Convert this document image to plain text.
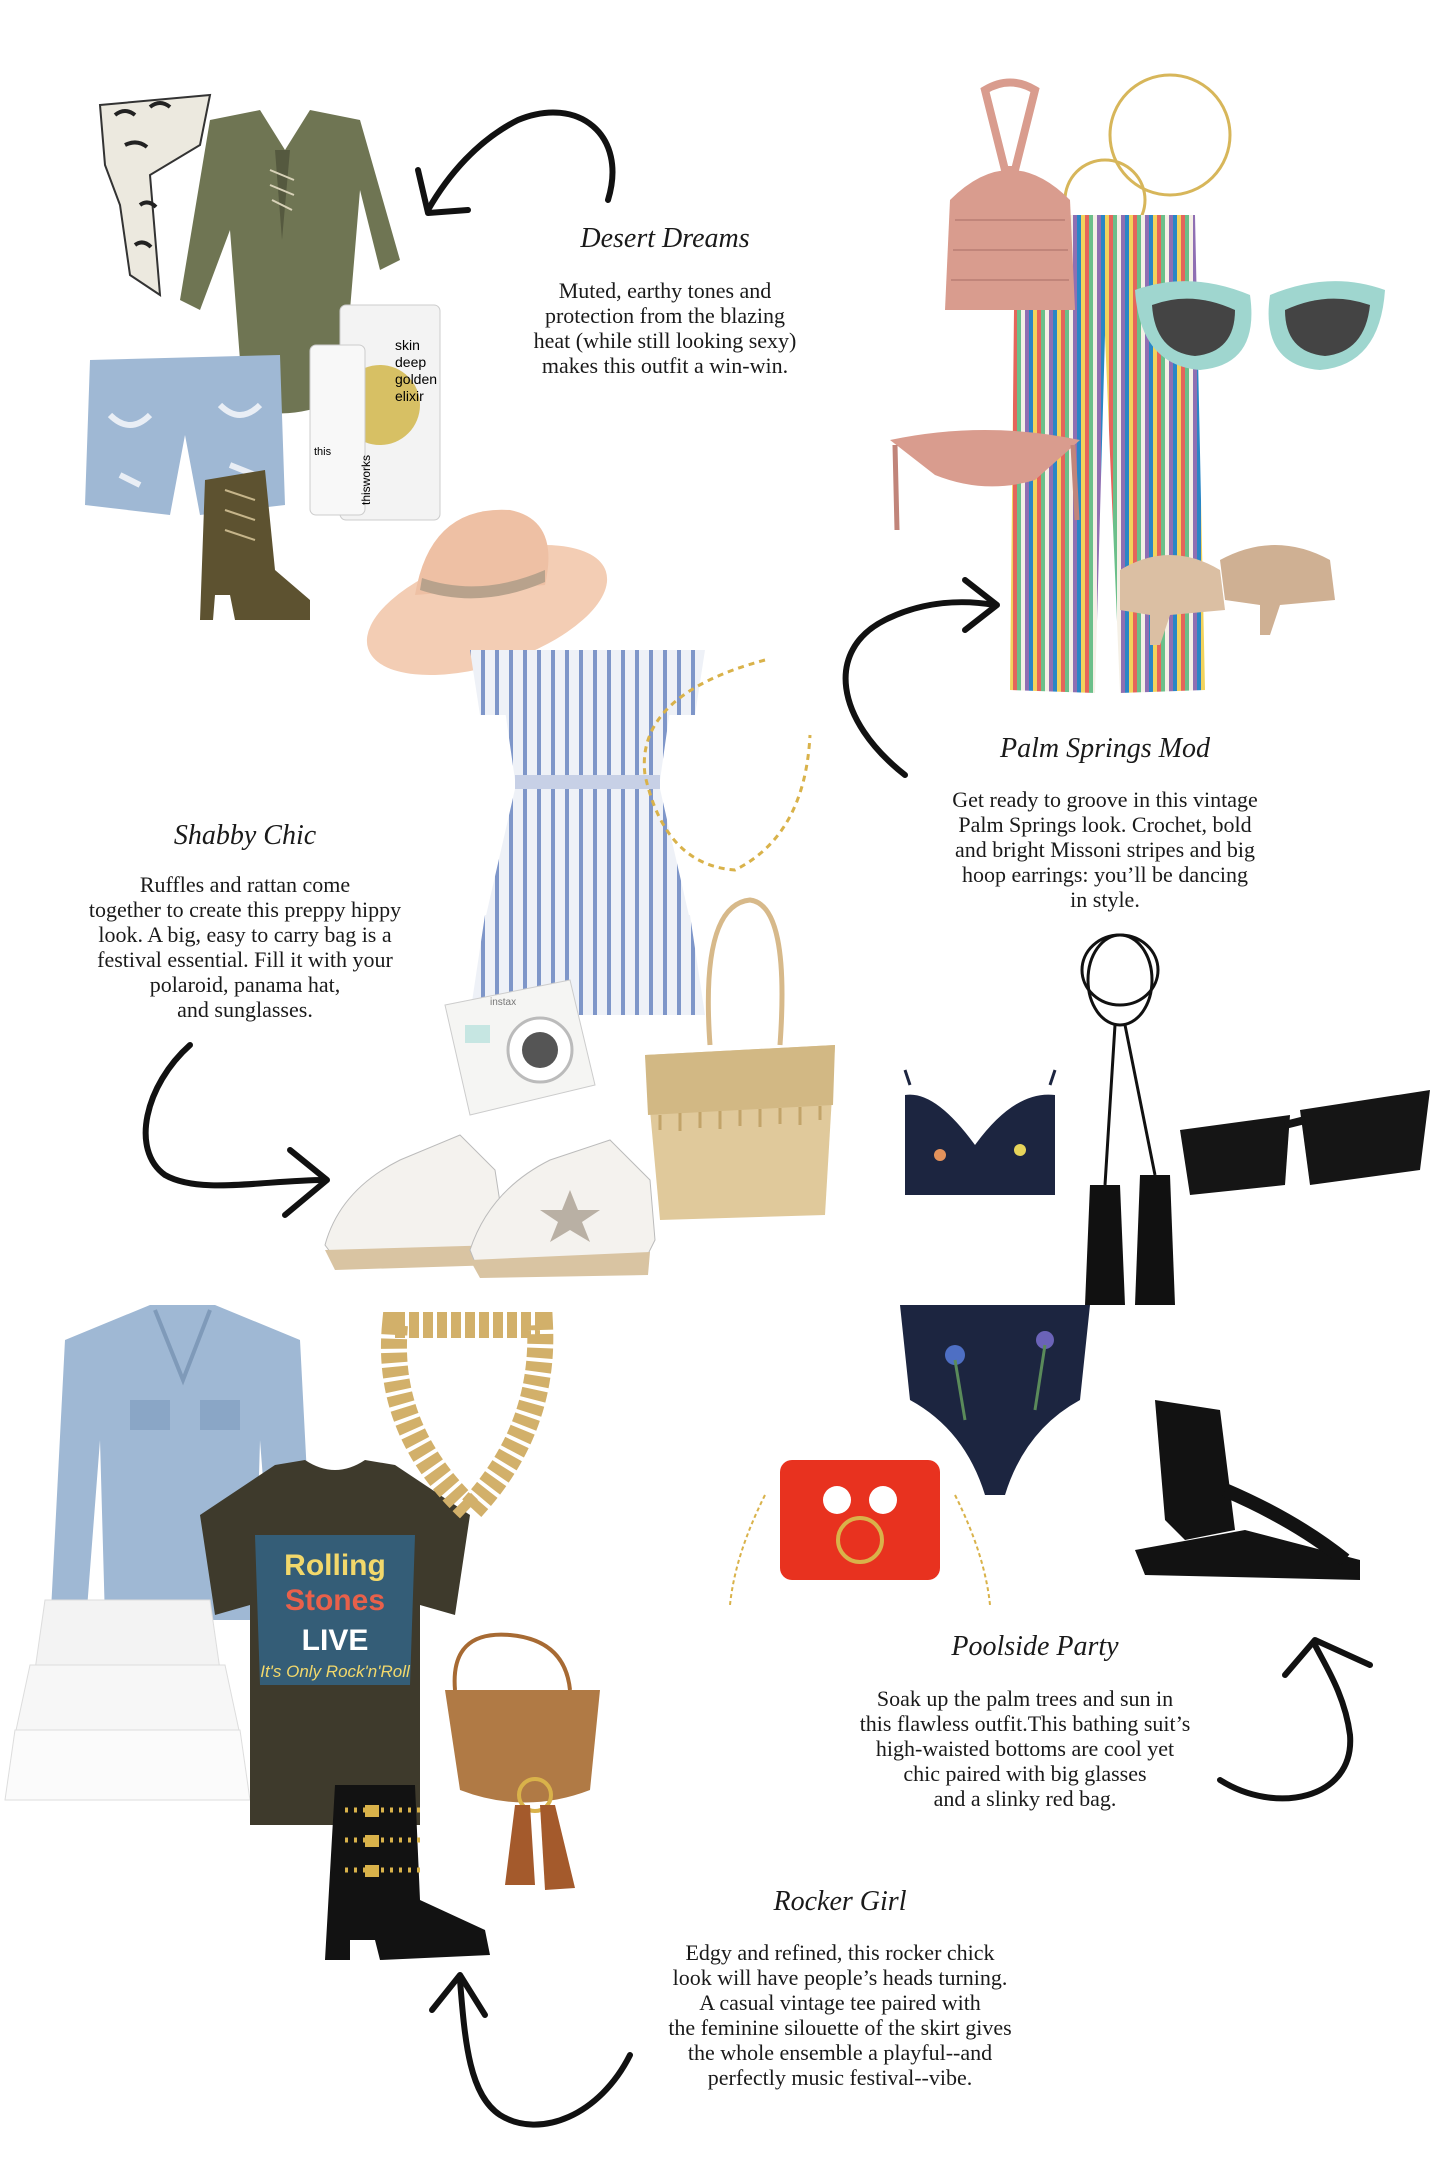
skin
deep
golden
elixir
this
thisworks
Desert Dreams
Muted, earthy tones and
protection from the blazing
heat (while still looking sexy)
makes this outfit a win-win.
Palm Springs Mod
Get ready to groove in this vintage
Palm Springs look. Crochet, bold
and bright Missoni stripes and big
hoop earrings: you’ll be dancing
in style.
instax
Shabby Chic
Ruffles and rattan come
together to create this preppy hippy
look. A big, easy to carry bag is a
festival essential. Fill it with your
polaroid, panama hat,
and sunglasses.
Poolside Party
Soak up the palm trees and sun in
this flawless outfit.This bathing suit’s
high-waisted bottoms are cool yet
chic paired with big glasses
and a slinky red bag.
Rolling
Stones
LIVE
It's Only Rock'n'Roll
Rocker Girl
Edgy and refined, this rocker chick
look will have people’s heads turning.
A casual vintage tee paired with
the feminine silouette of the skirt gives
the whole ensemble a playful--and
perfectly music festival--vibe.
